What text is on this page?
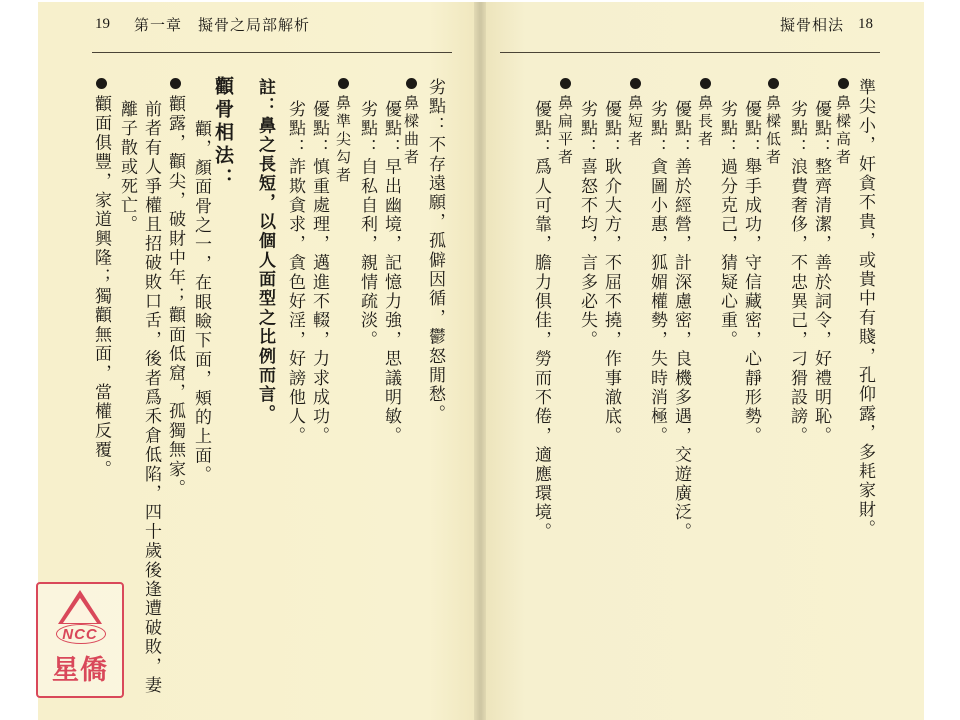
19 第一章　擬骨之局部解析	擬骨相法 18
劣點：不存遠願，孤僻因循，鬱怒閒愁。
鼻樑曲者
優點：早出幽境，記憶力強，思議明敏。
劣點：自私自利，親情疏淡。
鼻準尖勾者
優點：慎重處理，邁進不輟，力求成功。
劣點：詐欺貪求，貪色好淫，好謗他人。
註：鼻之長短，以個人面型之比例而言。
顴骨相法：
顴，顏面骨之一，在眼瞼下面，頰的上面。
顴露，顴尖，破財中年；顴面低窟，孤獨無家。
前者有人爭權且招破敗口舌，後者爲禾倉低陷，四十歲後逢遭破敗，妻
離子散或死亡。
顴面俱豐，家道興隆；獨顴無面，當權反覆。	準尖小，奸貪不貴，或貴中有賤，孔仰露，多耗家財。
鼻樑高者
優點：整齊清潔，善於詞令，好禮明恥。
劣點：浪費奢侈，不忠異己，刁猾設謗。
鼻樑低者
優點：舉手成功，守信藏密，心靜形勢。
劣點：過分克己，猜疑心重。
鼻長者
優點：善於經營，計深慮密，良機多遇，交遊廣泛。
劣點：貪圖小惠，狐媚權勢，失時消極。
鼻短者
優點：耿介大方，不屈不撓，作事澈底。
劣點：喜怒不均，言多必失。
鼻扁平者
優點：爲人可靠，膽力俱佳，勞而不倦，適應環境。
NCC
星僑
